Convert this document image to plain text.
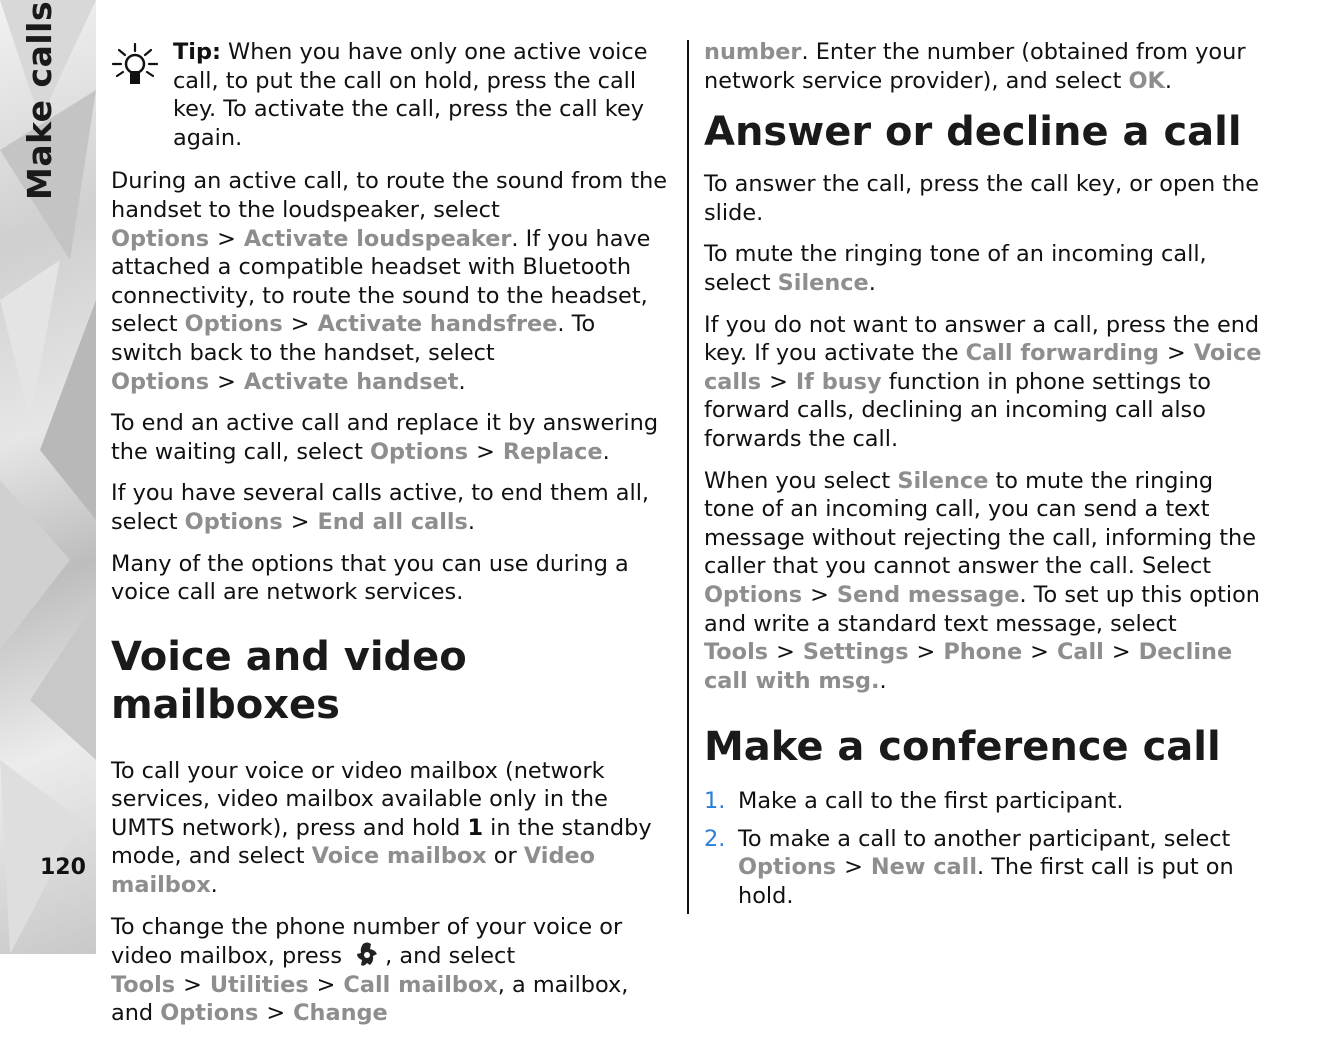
Make calls
120

Tip: When you have only one active voice call, to put the call on hold, press the call key. To activate the call, press the call key again.

During an active call, to route the sound from the handset to the loudspeaker, select Options > Activate loudspeaker. If you have attached a compatible headset with Bluetooth connectivity, to route the sound to the headset, select Options > Activate handsfree. To switch back to the handset, select Options > Activate handset.

To end an active call and replace it by answering the waiting call, select Options > Replace.

If you have several calls active, to end them all, select Options > End all calls.

Many of the options that you can use during a voice call are network services.

Voice and video mailboxes

To call your voice or video mailbox (network services, video mailbox available only in the UMTS network), press and hold 1 in the standby mode, and select Voice mailbox or Video mailbox.

To change the phone number of your voice or video mailbox, press , and select Tools > Utilities > Call mailbox, a mailbox, and Options > Change

number. Enter the number (obtained from your network service provider), and select OK.

Answer or decline a call

To answer the call, press the call key, or open the slide.

To mute the ringing tone of an incoming call, select Silence.

If you do not want to answer a call, press the end key. If you activate the Call forwarding > Voice calls > If busy function in phone settings to forward calls, declining an incoming call also forwards the call.

When you select Silence to mute the ringing tone of an incoming call, you can send a text message without rejecting the call, informing the caller that you cannot answer the call. Select Options > Send message. To set up this option and write a standard text message, select Tools > Settings > Phone > Call > Decline call with msg..

Make a conference call
1. Make a call to the first participant.
2. To make a call to another participant, select Options > New call. The first call is put on hold.
